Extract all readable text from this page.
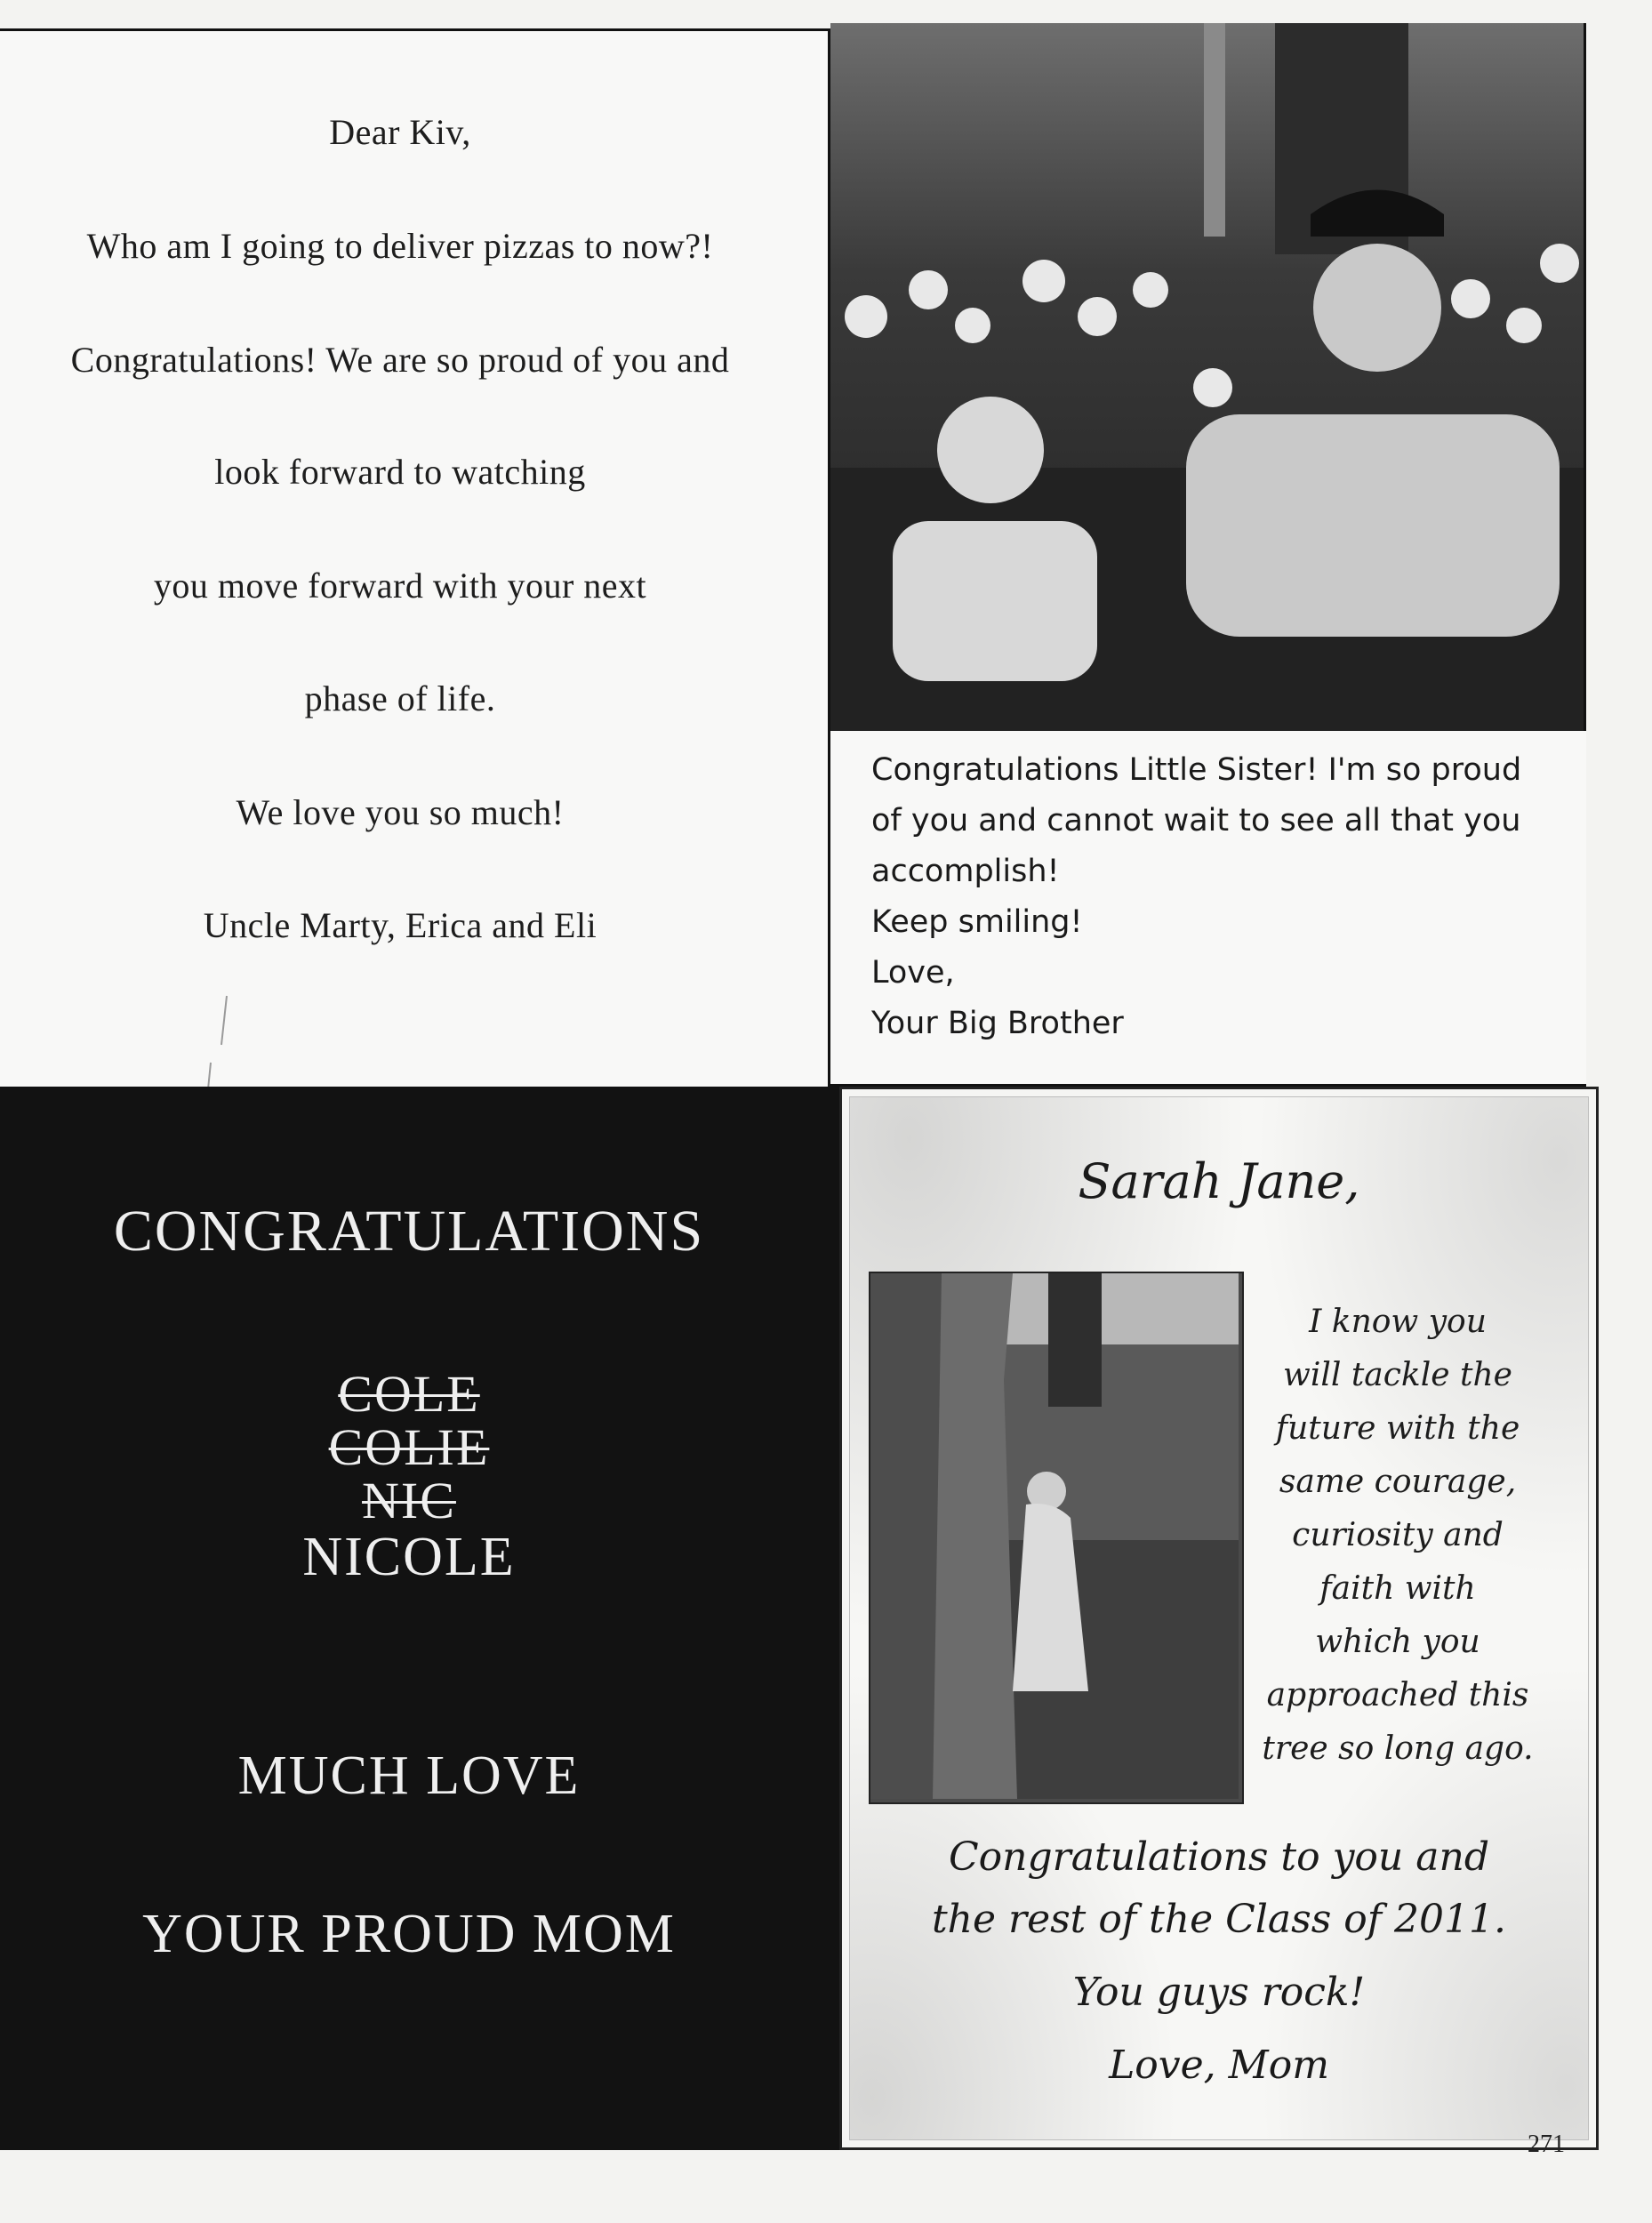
Dear Kiv,
Who am I going to deliver pizzas to now?!
Congratulations! We are so proud of you and
look forward to watching
you move forward with your next
phase of life.
We love you so much!
Uncle Marty, Erica and Eli
Congratulations Little Sister! I'm so proud
of you and cannot wait to see all that you
accomplish!
Keep smiling!
Love,
Your Big Brother
CONGRATULATIONS
COLE
COLIE
NIC
NICOLE
MUCH LOVE
YOUR PROUD MOM
Sarah Jane,
I know you
will tackle the
future with the
same courage,
curiosity and
faith with
which you
approached this
tree so long ago.
Congratulations to you and
the rest of the Class of 2011.
You guys rock!
Love, Mom
271
